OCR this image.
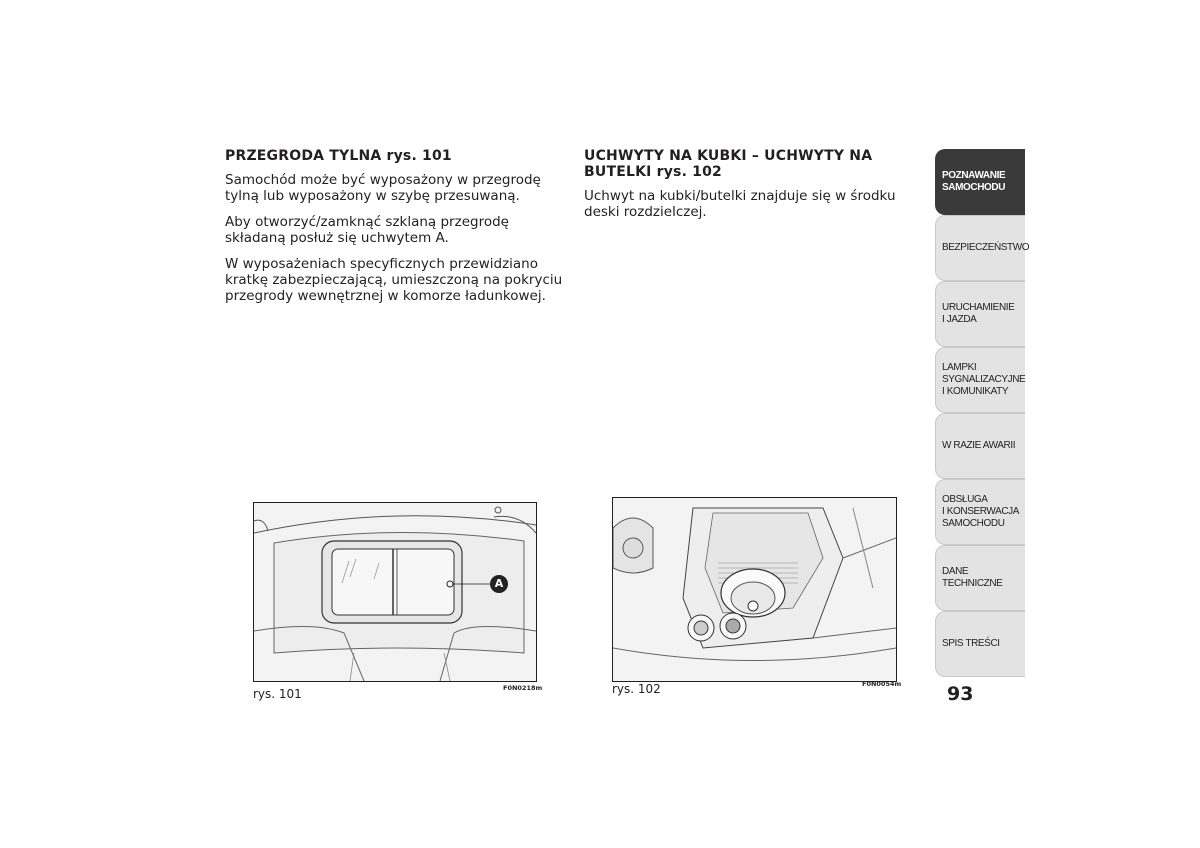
PRZEGRODA TYLNA rys. 101

Samochód może być wyposażony w przegrodę tylną lub wyposażony w szybę przesuwaną.

Aby otworzyć/zamknąć szklaną przegrodę składaną posłuż się uchwytem A.

W wyposażeniach specyficznych przewidziano kratkę zabezpieczającą, umieszczoną na pokryciu przegrody wewnętrznej w komorze ładunkowej.

UCHWYTY NA KUBKI – UCHWYTY NA BUTELKI rys. 102

Uchwyt na kubki/butelki znajduje się w środku deski rozdzielczej.

A
rys. 101	F0N0218m	rys. 102	F0N0054m
POZNAWANIE
SAMOCHODU
BEZPIECZEŃSTWO
URUCHAMIENIE
I JAZDA
LAMPKI
SYGNALIZACYJNE
I KOMUNIKATY
W RAZIE AWARII
OBSŁUGA
I KONSERWACJA
SAMOCHODU
DANE TECHNICZNE
SPIS TREŚCI
93
